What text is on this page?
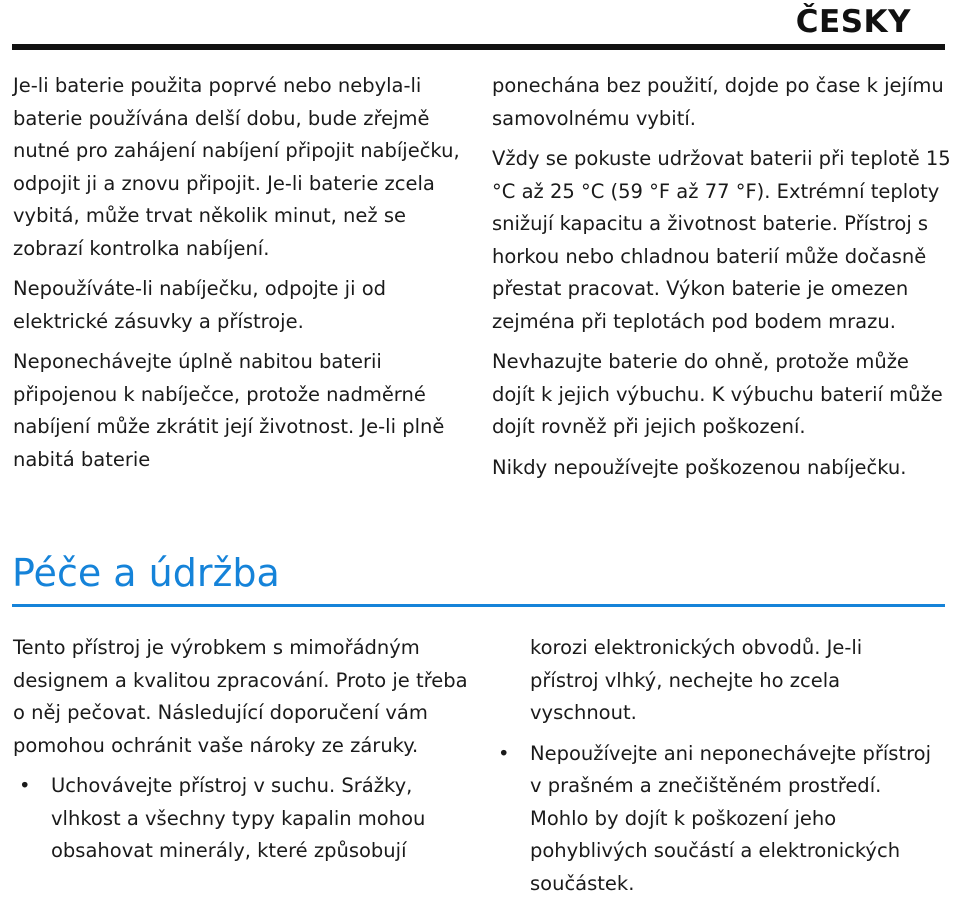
ČESKY

Je-li baterie použita poprvé nebo nebyla-li baterie používána delší dobu, bude zřejmě nutné pro zahájení nabíjení připojit nabíječku, odpojit ji a znovu připojit. Je-li baterie zcela vybitá, může trvat několik minut, než se zobrazí kontrolka nabíjení.

Nepoužíváte-li nabíječku, odpojte ji od elektrické zásuvky a přístroje.

Neponechávejte úplně nabitou baterii připojenou k nabíječce, protože nadměrné nabíjení může zkrátit její životnost. Je-li plně nabitá baterie

ponechána bez použití, dojde po čase k jejímu samovolnému vybití.

Vždy se pokuste udržovat baterii při teplotě 15 °C až 25 °C (59 °F až 77 °F). Extrémní teploty snižují kapacitu a životnost baterie. Přístroj s horkou nebo chladnou baterií může dočasně přestat pracovat. Výkon baterie je omezen zejména při teplotách pod bodem mrazu.

Nevhazujte baterie do ohně, protože může dojít k jejich výbuchu. K výbuchu baterií může dojít rovněž při jejich poškození.

Nikdy nepoužívejte poškozenou nabíječku.

Péče a údržba

Tento přístroj je výrobkem s mimořádným designem a kvalitou zpracování. Proto je třeba o něj pečovat. Následující doporučení vám pomohou ochránit vaše nároky ze záruky.

• Uchovávejte přístroj v suchu. Srážky, vlhkost a všechny typy kapalin mohou obsahovat minerály, které způsobují

korozi elektronických obvodů. Je-li přístroj vlhký, nechejte ho zcela vyschnout.

• Nepoužívejte ani neponechávejte přístroj v prašném a znečištěném prostředí. Mohlo by dojít k poškození jeho pohyblivých součástí a elektronických součástek.
